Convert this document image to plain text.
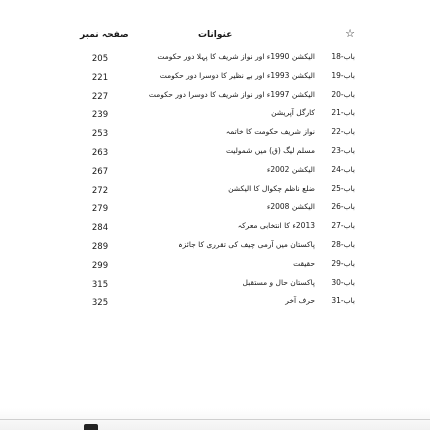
صفحہ نمبر	عنوانات	☆
205	الیکشن 1990ء اور نواز شریف کا پہلا دور حکومت باب-18
221	الیکشن 1993ء اور بے نظیر کا دوسرا دور حکومت باب-19
227	الیکشن 1997ء اور نواز شریف کا دوسرا دور حکومت باب-20
239	کارگل آپریشن باب-21
253	نواز شریف حکومت کا خاتمہ باب-22
263	مسلم لیگ (ق) میں شمولیت باب-23
267	الیکشن 2002ء باب-24
272	ضلع ناظم چکوال کا الیکشن باب-25
279	الیکشن 2008ء باب-26
284	2013ء کا انتخابی معرکہ باب-27
289	پاکستان میں آرمی چیف کی تقرری کا جائزہ باب-28
299	حقیقت باب-29
315	پاکستان حال و مستقبل باب-30
325	حرف آخر باب-31
